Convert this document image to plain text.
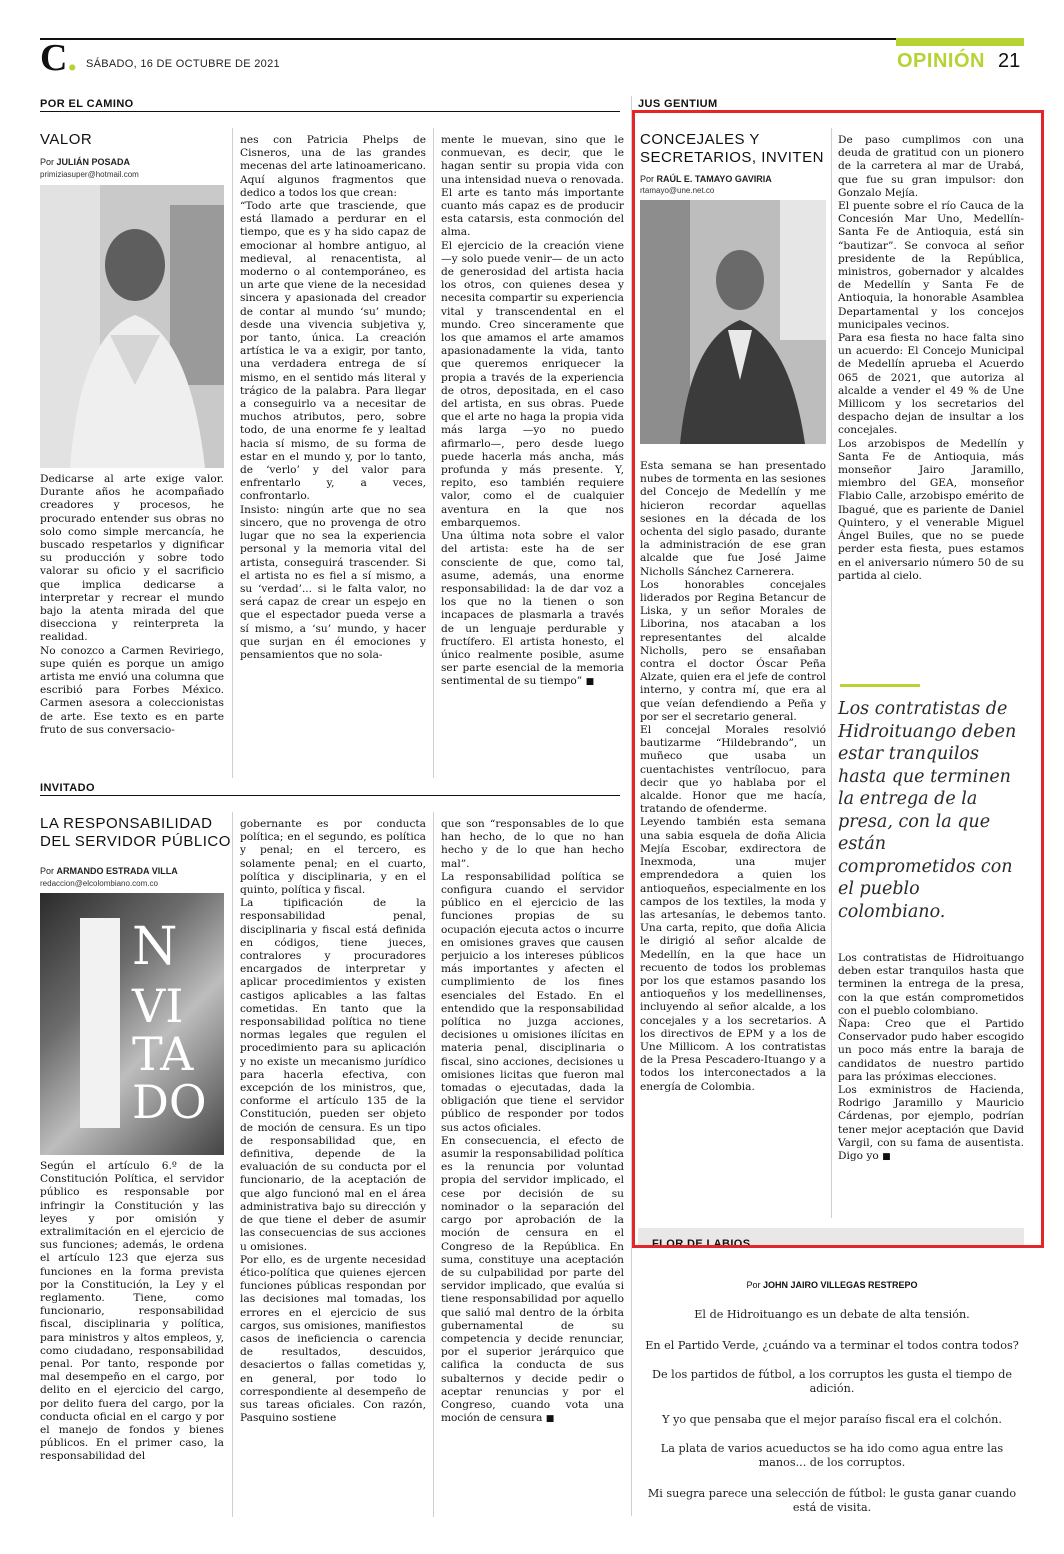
C. SÁBADO, 16 DE OCTUBRE DE 2021	OPINIÓN 21
POR EL CAMINO
VALOR
Por JULIÁN POSADA
primiziasuper@hotmail.com

Dedicarse al arte exige valor. Durante años he acompañado creadores y procesos, he procurado entender sus obras no solo como simple mercancía, he buscado respetarlos y dignificar su producción y sobre todo valorar su oficio y el sacrificio que implica dedicarse a interpretar y recrear el mundo bajo la atenta mirada del que disecciona y reinterpreta la realidad.
No conozco a Carmen Reviriego, supe quién es porque un amigo artista me envió una columna que escribió para Forbes México. Carmen asesora a coleccionistas de arte. Ese texto es en parte fruto de sus conversacio-

nes con Patricia Phelps de Cisneros, una de las grandes mecenas del arte latinoamericano. Aquí algunos fragmentos que dedico a todos los que crean:
“Todo arte que trasciende, que está llamado a perdurar en el tiempo, que es y ha sido capaz de emocionar al hombre antiguo, al medieval, al renacentista, al moderno o al contemporáneo, es un arte que viene de la necesidad sincera y apasionada del creador de contar al mundo ‘su’ mundo; desde una vivencia subjetiva y, por tanto, única. La creación artística le va a exigir, por tanto, una verdadera entrega de sí mismo, en el sentido más literal y trágico de la palabra. Para llegar a conseguirlo va a necesitar de muchos atributos, pero, sobre todo, de una enorme fe y lealtad hacia sí mismo, de su forma de estar en el mundo y, por lo tanto, de ‘verlo’ y del valor para enfrentarlo y, a veces, confrontarlo.
Insisto: ningún arte que no sea sincero, que no provenga de otro lugar que no sea la experiencia personal y la memoria vital del artista, conseguirá trascender. Si el artista no es fiel a sí mismo, a su ‘verdad’... si le falta valor, no será capaz de crear un espejo en que el espectador pueda verse a sí mismo, a ‘su’ mundo, y hacer que surjan en él emociones y pensamientos que no sola-

mente le muevan, sino que le conmuevan, es decir, que le hagan sentir su propia vida con una intensidad nueva o renovada. El arte es tanto más importante cuanto más capaz es de producir esta catarsis, esta conmoción del alma.
El ejercicio de la creación viene —y solo puede venir— de un acto de generosidad del artista hacia los otros, con quienes desea y necesita compartir su experiencia vital y transcendental en el mundo. Creo sinceramente que los que amamos el arte amamos apasionadamente la vida, tanto que queremos enriquecer la propia a través de la experiencia de otros, depositada, en el caso del artista, en sus obras. Puede que el arte no haga la propia vida más larga —yo no puedo afirmarlo—, pero desde luego puede hacerla más ancha, más profunda y más presente. Y, repito, eso también requiere valor, como el de cualquier aventura en la que nos embarquemos.
Una última nota sobre el valor del artista: este ha de ser consciente de que, como tal, asume, además, una enorme responsabilidad: la de dar voz a los que no la tienen o son incapaces de plasmarla a través de un lenguaje perdurable y fructífero. El artista honesto, el único realmente posible, asume ser parte esencial de la memoria sentimental de su tiempo” ■

INVITADO
LA RESPONSABILIDAD
DEL SERVIDOR PÚBLICO
Por ARMANDO ESTRADA VILLA
redaccion@elcolombiano.com.co
N
VI
TA
DO

Según el artículo 6.º de la Constitución Política, el servidor público es responsable por infringir la Constitución y las leyes y por omisión y extralimitación en el ejercicio de sus funciones; además, le ordena el artículo 123 que ejerza sus funciones en la forma prevista por la Constitución, la Ley y el reglamento. Tiene, como funcionario, responsabilidad fiscal, disciplinaria y política, para ministros y altos empleos, y, como ciudadano, responsabilidad penal. Por tanto, responde por mal desempeño en el cargo, por delito en el ejercicio del cargo, por delito fuera del cargo, por la conducta oficial en el cargo y por el manejo de fondos y bienes públicos. En el primer caso, la responsabilidad del

gobernante es por conducta política; en el segundo, es política y penal; en el tercero, es solamente penal; en el cuarto, política y disciplinaria, y en el quinto, política y fiscal.
La tipificación de la responsabilidad penal, disciplinaria y fiscal está definida en códigos, tiene jueces, contralores y procuradores encargados de interpretar y aplicar procedimientos y existen castigos aplicables a las faltas cometidas. En tanto que la responsabilidad política no tiene normas legales que regulen el procedimiento para su aplicación y no existe un mecanismo jurídico para hacerla efectiva, con excepción de los ministros, que, conforme el artículo 135 de la Constitución, pueden ser objeto de moción de censura. Es un tipo de responsabilidad que, en definitiva, depende de la evaluación de su conducta por el funcionario, de la aceptación de que algo funcionó mal en el área administrativa bajo su dirección y de que tiene el deber de asumir las consecuencias de sus acciones u omisiones.
Por ello, es de urgente necesidad ético-política que quienes ejercen funciones públicas respondan por las decisiones mal tomadas, los errores en el ejercicio de sus cargos, sus omisiones, manifiestos casos de ineficiencia o carencia de resultados, descuidos, desaciertos o fallas cometidas y, en general, por todo lo correspondiente al desempeño de sus tareas oficiales. Con razón, Pasquino sostiene

que son “responsables de lo que han hecho, de lo que no han hecho y de lo que han hecho mal”.
La responsabilidad política se configura cuando el servidor público en el ejercicio de las funciones propias de su ocupación ejecuta actos o incurre en omisiones graves que causen perjuicio a los intereses públicos más importantes y afecten el cumplimiento de los fines esenciales del Estado. En el entendido que la responsabilidad política no juzga acciones, decisiones u omisiones ilícitas en materia penal, disciplinaria o fiscal, sino acciones, decisiones u omisiones licitas que fueron mal tomadas o ejecutadas, dada la obligación que tiene el servidor público de responder por todos sus actos oficiales.
En consecuencia, el efecto de asumir la responsabilidad política es la renuncia por voluntad propia del servidor implicado, el cese por decisión de su nominador o la separación del cargo por aprobación de la moción de censura en el Congreso de la República. En suma, constituye una aceptación de su culpabilidad por parte del servidor implicado, que evalúa si tiene responsabilidad por aquello que salió mal dentro de la órbita gubernamental de su competencia y decide renunciar, por el superior jerárquico que califica la conducta de sus subalternos y decide pedir o aceptar renuncias y por el Congreso, cuando vota una moción de censura ■

JUS GENTIUM
CONCEJALES Y
SECRETARIOS, INVITEN
Por RAÚL E. TAMAYO GAVIRIA
rtamayo@une.net.co

Esta semana se han presentado nubes de tormenta en las sesiones del Concejo de Medellín y me hicieron recordar aquellas sesiones en la década de los ochenta del siglo pasado, durante la administración de ese gran alcalde que fue José Jaime Nicholls Sánchez Carnerera.
Los honorables concejales liderados por Regina Betancur de Liska, y un señor Morales de Liborina, nos atacaban a los representantes del alcalde Nicholls, pero se ensañaban contra el doctor Óscar Peña Alzate, quien era el jefe de control interno, y contra mí, que era al que veían defendiendo a Peña y por ser el secretario general.
El concejal Morales resolvió bautizarme “Hildebrando”, un muñeco que usaba un cuentachistes ventrílocuo, para decir que yo hablaba por el alcalde. Honor que me hacía, tratando de ofenderme.
Leyendo también esta semana una sabia esquela de doña Alicia Mejía Escobar, exdirectora de Inexmoda, una mujer emprendedora a quien los antioqueños, especialmente en los campos de los textiles, la moda y las artesanías, le debemos tanto. Una carta, repito, que doña Alicia le dirigió al señor alcalde de Medellín, en la que hace un recuento de todos los problemas por los que estamos pasando los antioqueños y los medellinenses, incluyendo al señor alcalde, a los concejales y a los secretarios. A los directivos de EPM y a los de Une Millicom. A los contratistas de la Presa Pescadero-Ituango y a todos los interconectados a la energía de Colombia.

De paso cumplimos con una deuda de gratitud con un pionero de la carretera al mar de Urabá, que fue su gran impulsor: don Gonzalo Mejía.
El puente sobre el río Cauca de la Concesión Mar Uno, Medellín-Santa Fe de Antioquia, está sin “bautizar”. Se convoca al señor presidente de la República, ministros, gobernador y alcaldes de Medellín y Santa Fe de Antioquia, la honorable Asamblea Departamental y los concejos municipales vecinos.
Para esa fiesta no hace falta sino un acuerdo: El Concejo Municipal de Medellín aprueba el Acuerdo 065 de 2021, que autoriza al alcalde a vender el 49 % de Une Millicom y los secretarios del despacho dejan de insultar a los concejales.
Los arzobispos de Medellín y Santa Fe de Antioquia, más monseñor Jairo Jaramillo, miembro del GEA, monseñor Flabio Calle, arzobispo emérito de Ibagué, que es pariente de Daniel Quintero, y el venerable Miguel Ángel Builes, que no se puede perder esta fiesta, pues estamos en el aniversario número 50 de su partida al cielo.

Los contratistas de Hidroituango deben estar tranquilos hasta que terminen la entrega de la presa, con la que están comprometidos con el pueblo colombiano.

Los contratistas de Hidroituango deben estar tranquilos hasta que terminen la entrega de la presa, con la que están comprometidos con el pueblo colombiano.
Ñapa: Creo que el Partido Conservador pudo haber escogido un poco más entre la baraja de candidatos de nuestro partido para las próximas elecciones.
Los exministros de Hacienda, Rodrigo Jaramillo y Mauricio Cárdenas, por ejemplo, podrían tener mejor aceptación que David Vargil, con su fama de ausentista. Digo yo ■

FLOR DE LABIOS
Por JOHN JAIRO VILLEGAS RESTREPO
El de Hidroituango es un debate de alta tensión.
En el Partido Verde, ¿cuándo va a terminar el todos contra todos?
De los partidos de fútbol, a los corruptos les gusta el tiempo de adición.
Y yo que pensaba que el mejor paraíso fiscal era el colchón.
La plata de varios acueductos se ha ido como agua entre las manos... de los corruptos.
Mi suegra parece una selección de fútbol: le gusta ganar cuando está de visita.
